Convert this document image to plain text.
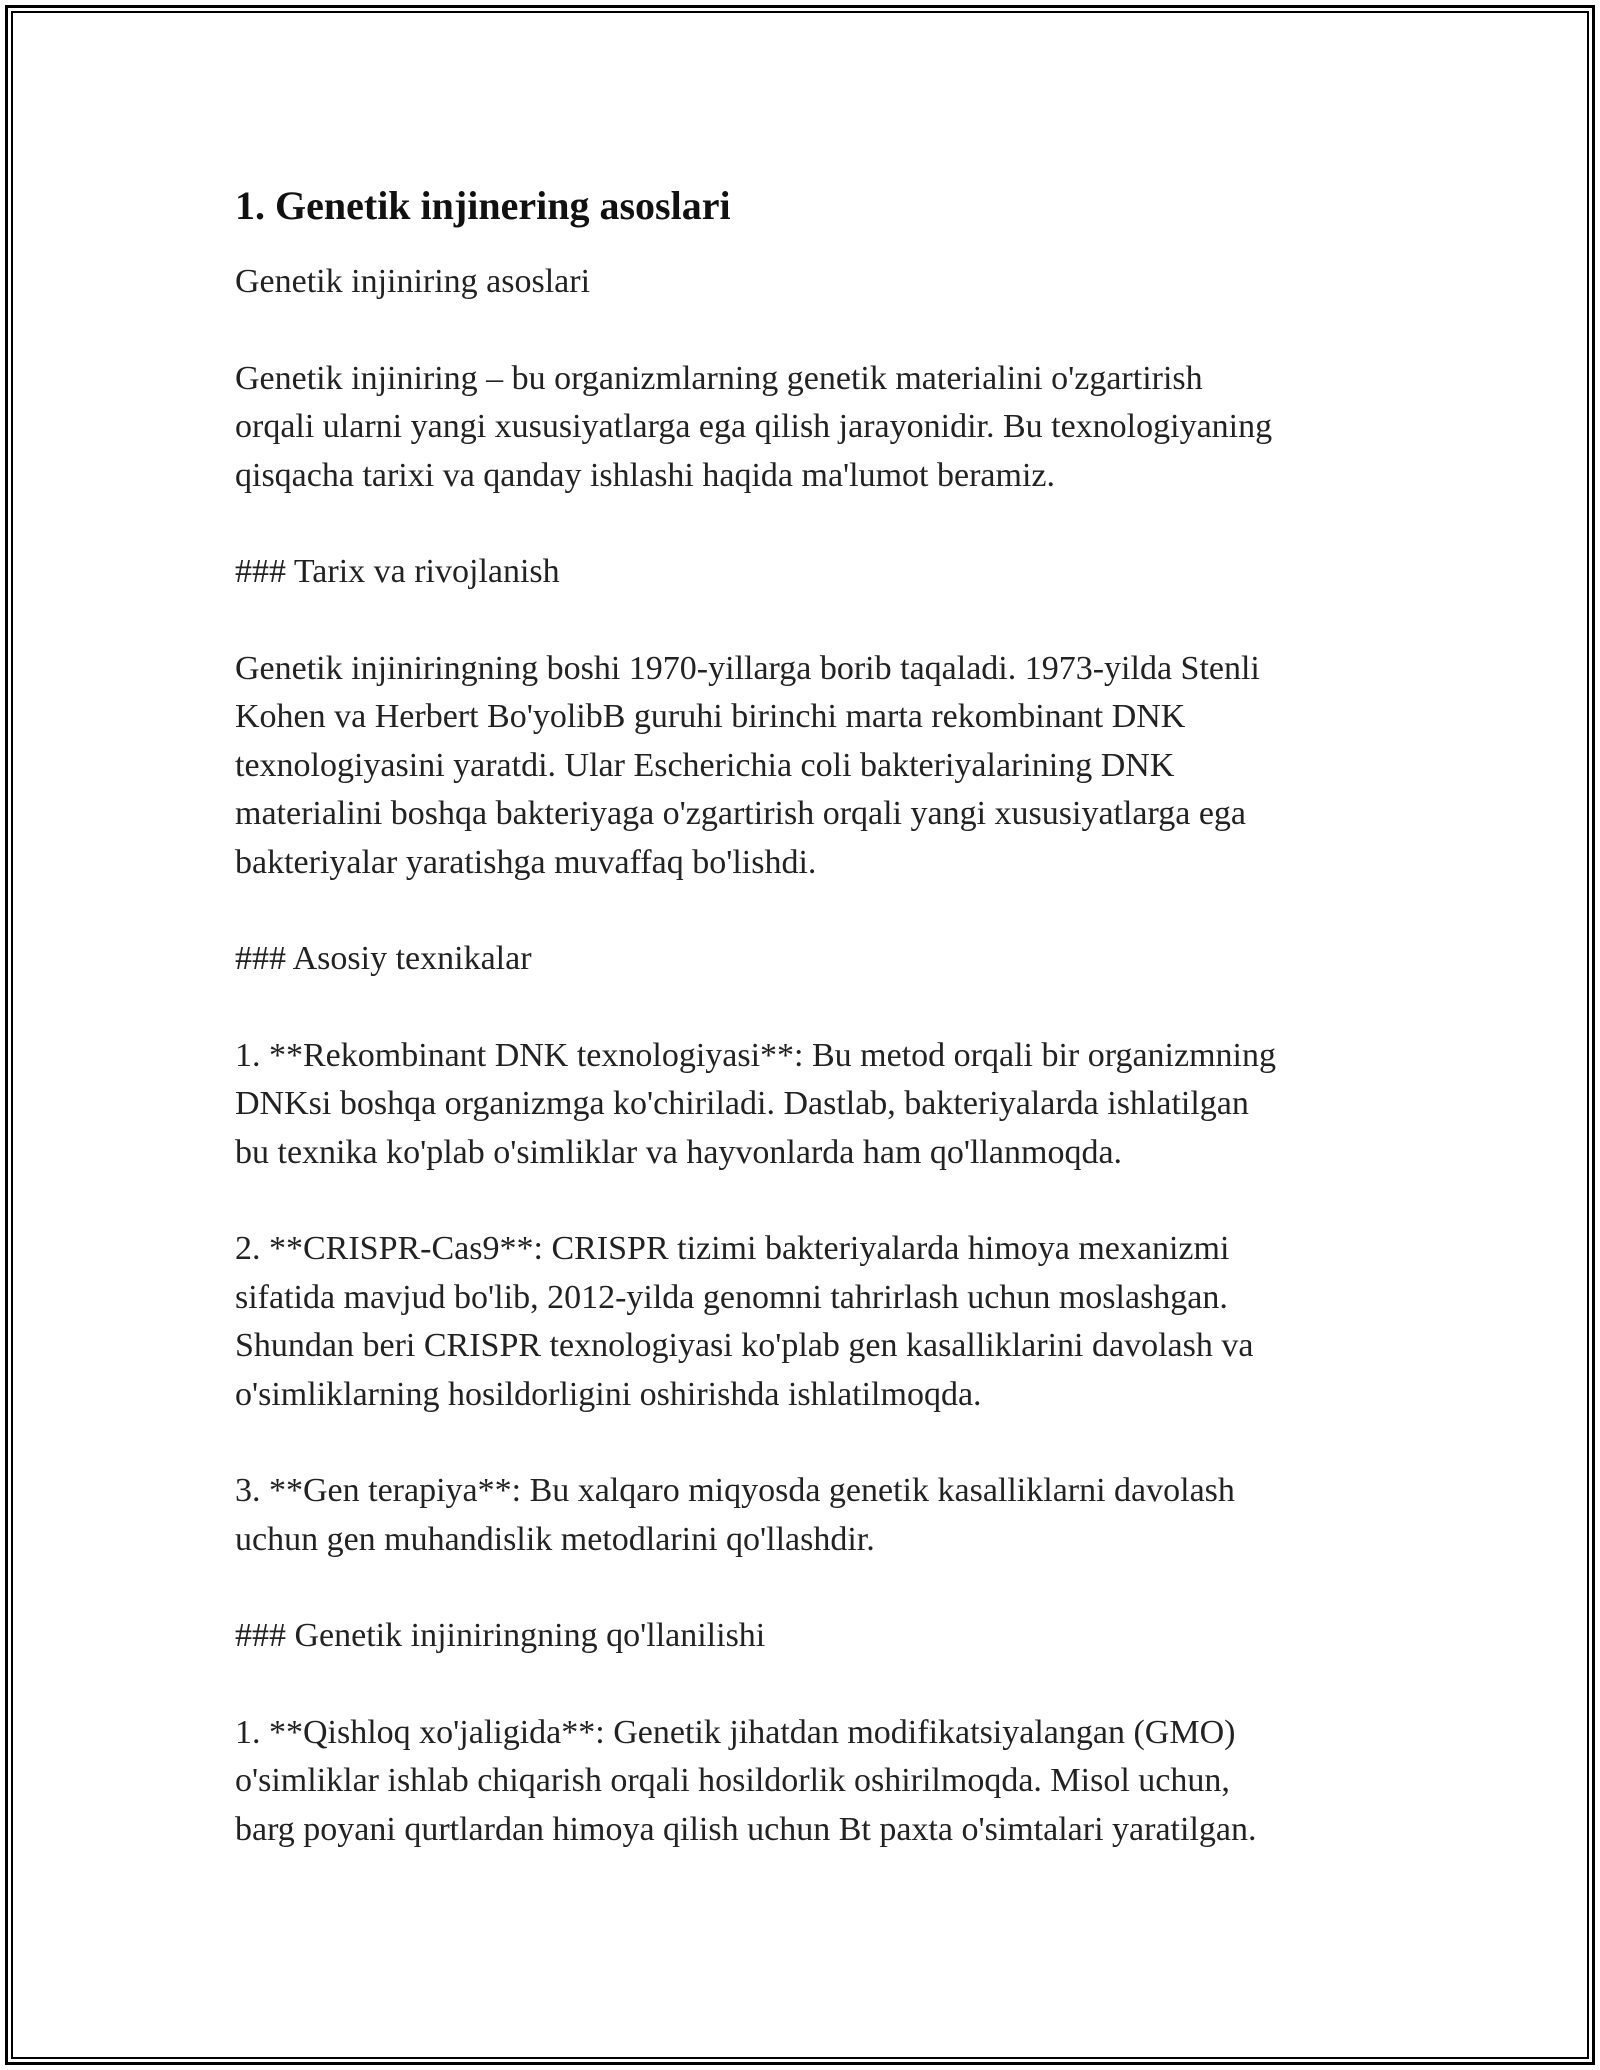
1. Genetik injinering asoslari

Genetik injiniring asoslari

Genetik injiniring – bu organizmlarning genetik materialini o'zgartirish
orqali ularni yangi xususiyatlarga ega qilish jarayonidir. Bu texnologiyaning
qisqacha tarixi va qanday ishlashi haqida ma'lumot beramiz.

### Tarix va rivojlanish

Genetik injiniringning boshi 1970-yillarga borib taqaladi. 1973-yilda Stenli
Kohen va Herbert Bo'yolibB guruhi birinchi marta rekombinant DNK
texnologiyasini yaratdi. Ular Escherichia coli bakteriyalarining DNK
materialini boshqa bakteriyaga o'zgartirish orqali yangi xususiyatlarga ega
bakteriyalar yaratishga muvaffaq bo'lishdi.

### Asosiy texnikalar

1. **Rekombinant DNK texnologiyasi**: Bu metod orqali bir organizmning
DNKsi boshqa organizmga ko'chiriladi. Dastlab, bakteriyalarda ishlatilgan
bu texnika ko'plab o'simliklar va hayvonlarda ham qo'llanmoqda.

2. **CRISPR-Cas9**: CRISPR tizimi bakteriyalarda himoya mexanizmi
sifatida mavjud bo'lib, 2012-yilda genomni tahrirlash uchun moslashgan.
Shundan beri CRISPR texnologiyasi ko'plab gen kasalliklarini davolash va
o'simliklarning hosildorligini oshirishda ishlatilmoqda.

3. **Gen terapiya**: Bu xalqaro miqyosda genetik kasalliklarni davolash
uchun gen muhandislik metodlarini qo'llashdir.

### Genetik injiniringning qo'llanilishi

1. **Qishloq xo'jaligida**: Genetik jihatdan modifikatsiyalangan (GMO)
o'simliklar ishlab chiqarish orqali hosildorlik oshirilmoqda. Misol uchun,
barg poyani qurtlardan himoya qilish uchun Bt paxta o'simtalari yaratilgan.
